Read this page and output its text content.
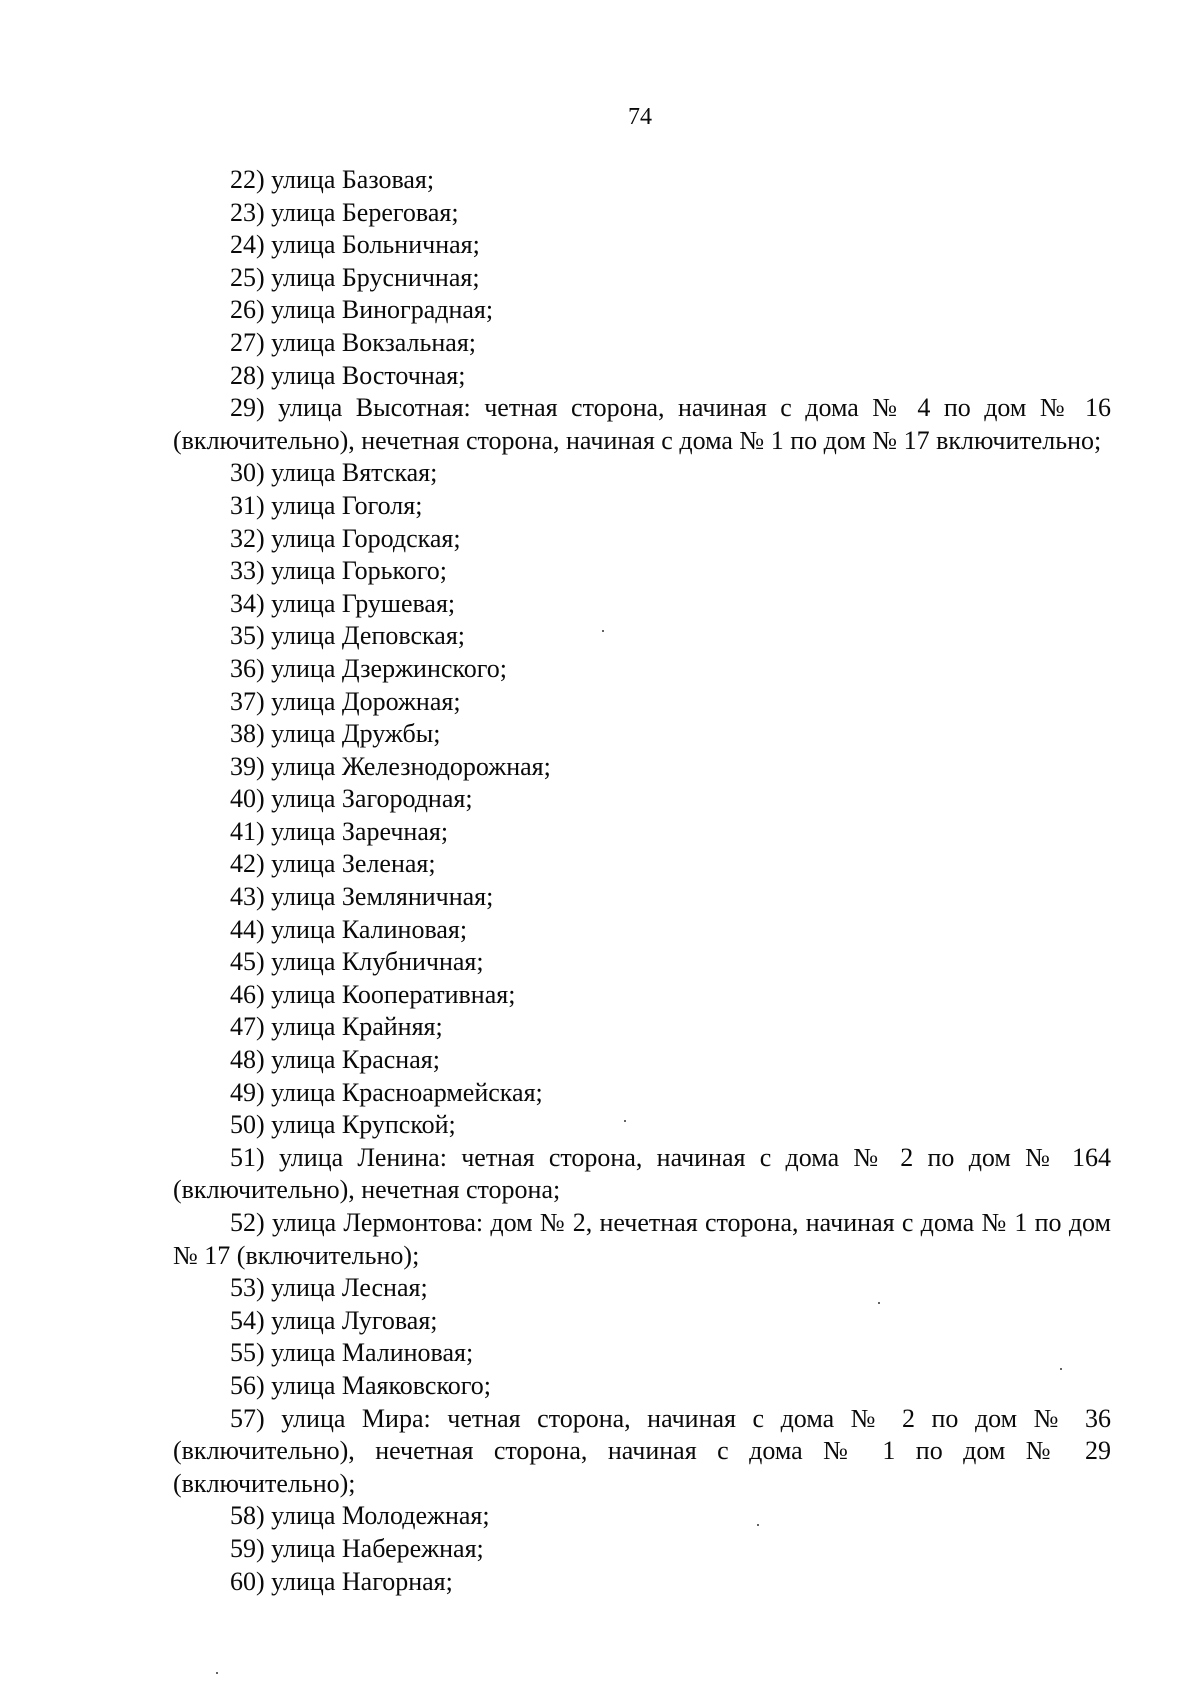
74

22) улица Базовая;

23) улица Береговая;

24) улица Больничная;

25) улица Брусничная;

26) улица Виноградная;

27) улица Вокзальная;

28) улица Восточная;

29) улица Высотная: четная сторона, начиная с дома № 4 по дом № 16 (включительно), нечетная сторона, начиная с дома № 1 по дом № 17 включительно;

30) улица Вятская;

31) улица Гоголя;

32) улица Городская;

33) улица Горького;

34) улица Грушевая;

35) улица Деповская;

36) улица Дзержинского;

37) улица Дорожная;

38) улица Дружбы;

39) улица Железнодорожная;

40) улица Загородная;

41) улица Заречная;

42) улица Зеленая;

43) улица Земляничная;

44) улица Калиновая;

45) улица Клубничная;

46) улица Кооперативная;

47) улица Крайняя;

48) улица Красная;

49) улица Красноармейская;

50) улица Крупской;

51) улица Ленина: четная сторона, начиная с дома № 2 по дом № 164 (включительно), нечетная сторона;

52) улица Лермонтова: дом № 2, нечетная сторона, начиная с дома № 1 по дом № 17 (включительно);

53) улица Лесная;

54) улица Луговая;

55) улица Малиновая;

56) улица Маяковского;

57) улица Мира: четная сторона, начиная с дома № 2 по дом № 36 (включительно), нечетная сторона, начиная с дома № 1 по дом № 29 (включительно);

58) улица Молодежная;

59) улица Набережная;

60) улица Нагорная;
